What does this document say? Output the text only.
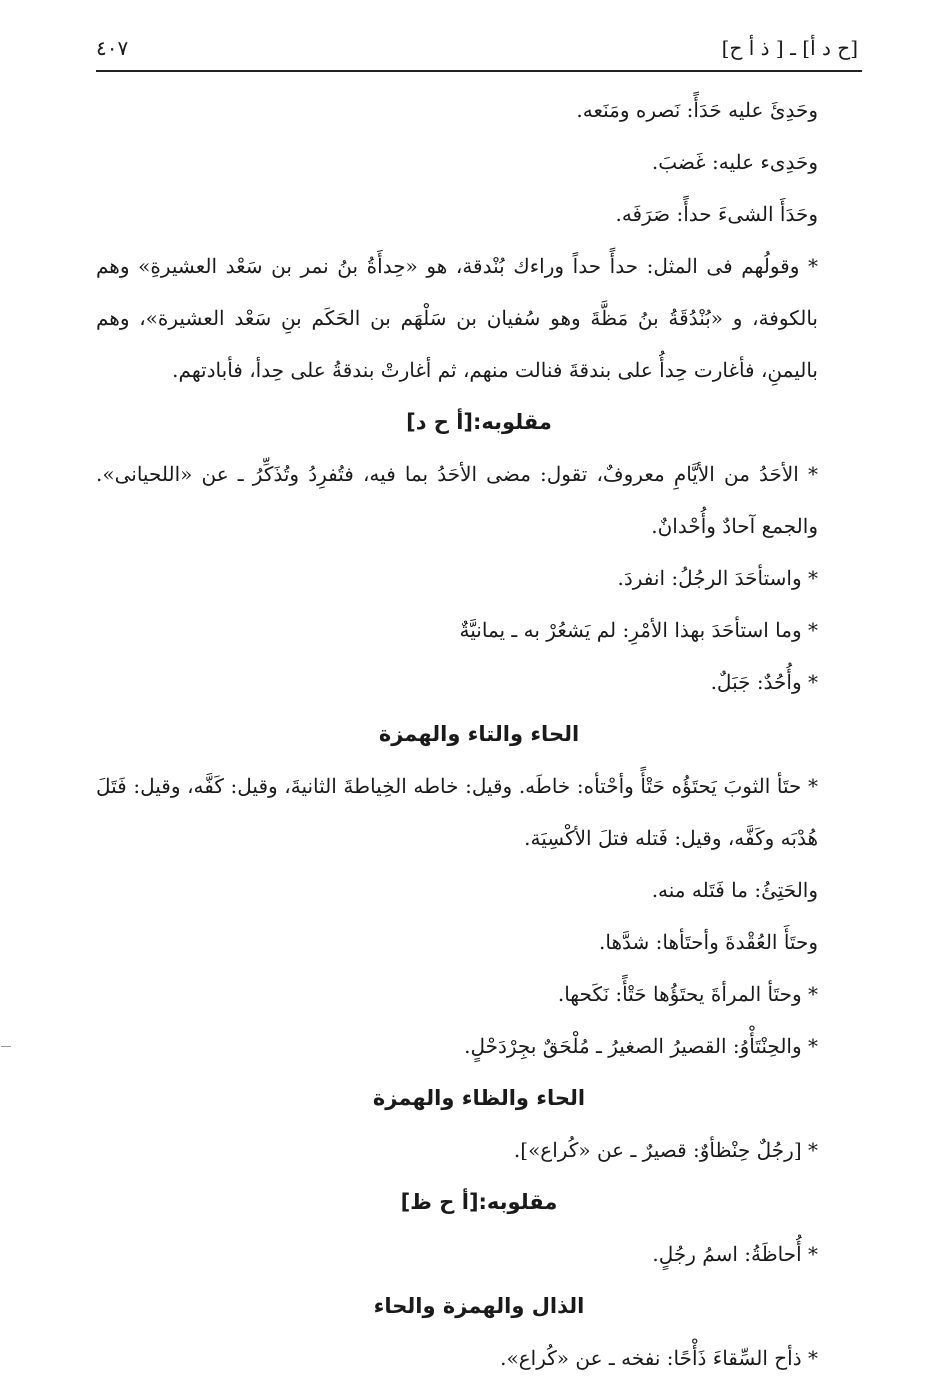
٤٠٧	[ح د أ] ـ [ ذ أ ح]

وحَدِئَ عليه حَدَأً: نَصره ومَنَعه.

وحَدِىء عليه: غَضبَ.

وحَدَأَ الشىءَ حدأً: صَرَفَه.

* وقولُهم فى المثل: حدأً حداً وراءك بُنْدقة، هو «حِدأَةُ بنُ نمر بن سَعْد العشيرةِ» وهم بالكوفة، و «بُنْدُقَةُ بنُ مَظَّةَ وهو سُفيان بن سَلْهَم بن الحَكَم بنِ سَعْد العشيرة»، وهم باليمنِ، فأغارت حِدأُ على بندقةَ فنالت منهم، ثم أغارتْ بندقةُ على حِدأ، فأبادتهم.

مقلوبه:[أ ح د]

* الأحَدُ من الأيَّامِ معروفٌ، تقول: مضى الأحَدُ بما فيه، فتُفرِدُ وتُذَكِّرُ ـ عن «اللحيانى». والجمع آحادٌ وأُحْدانٌ.

* واستأحَدَ الرجُلُ: انفردَ.

* وما استأحَدَ بهذا الأمْرِ: لم يَشعُرْ به ـ يمانيَّةٌ

* وأُحُدٌ: جَبَلٌ.

الحاء والتاء والهمزة

* حتَأ الثوبَ يَحتَؤُه حَتْأً وأحْتأه: خاطَه. وقيل: خاطه الخِياطةَ الثانيةَ، وقيل: كَفَّه، وقيل: فَتَلَ هُدْبَه وكَفَّه، وقيل: فَتله فتلَ الأكْسِيَة.

والحَتِئُ: ما فَتَله منه.

وحتَأَ العُقْدةَ وأحتَأها: شدَّها.

* وحتَأ المرأةَ يحتَؤُها حَتْأً: نَكَحها.

* والحِنْتَأْوُ: القصيرُ الصغيرُ ـ مُلْحَقٌ بجِرْدَحْلٍ.

الحاء والظاء والهمزة

* [رجُلٌ حِنْظأوٌ: قصيرٌ ـ عن «كُراع»].

مقلوبه:[أ ح ظ]

* أُحاظَةُ: اسمُ رجُلٍ.

الذال والهمزة والحاء

* ذأح السِّقاءَ ذَأْحًا: نفخه ـ عن «كُراع».
